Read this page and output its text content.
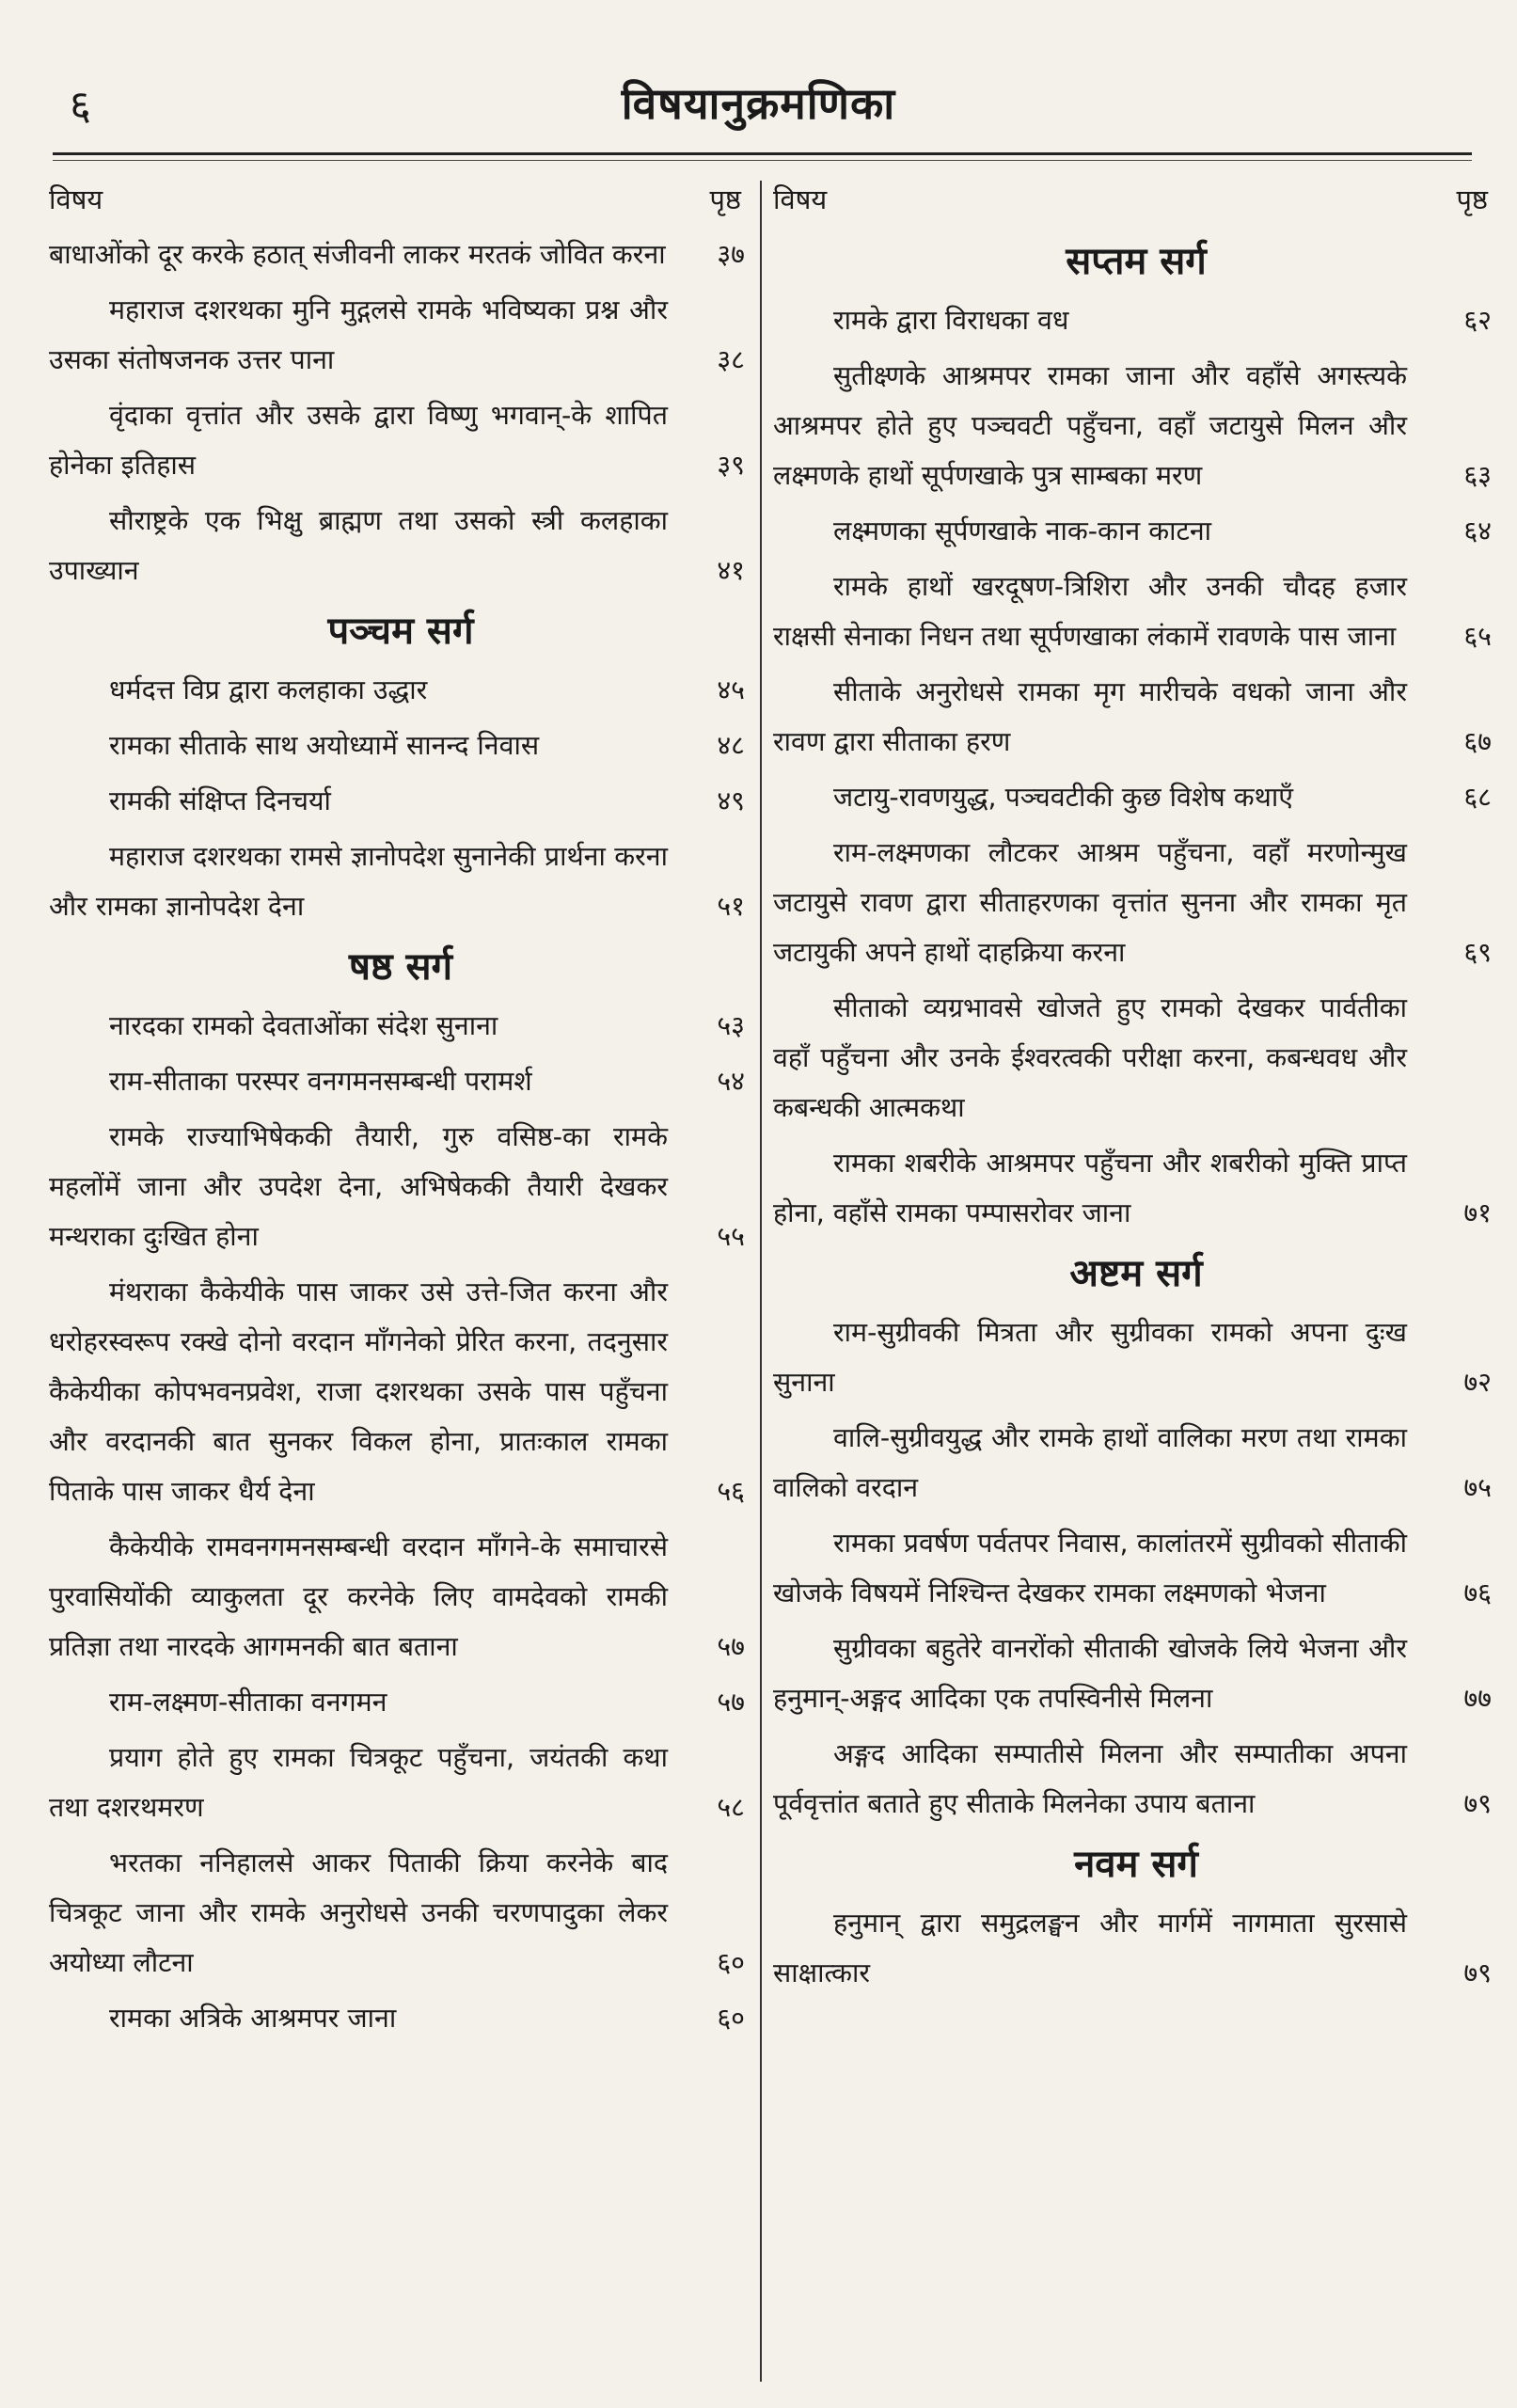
६	विषयानुक्रमणिका
विषय	पृष्ठ
बाधाओंको दूर करके हठात् संजीवनी लाकर मरतकं जोवित करना	३७
महाराज दशरथका मुनि मुद्गलसे रामके भविष्यका प्रश्न और उसका संतोषजनक उत्तर पाना	३८
वृंदाका वृत्तांत और उसके द्वारा विष्णु भगवान्-के शापित होनेका इतिहास	३९
सौराष्ट्रके एक भिक्षु ब्राह्मण तथा उसको स्त्री कलहाका उपाख्यान	४१
पञ्चम सर्ग
धर्मदत्त विप्र द्वारा कलहाका उद्धार	४५
रामका सीताके साथ अयोध्यामें सानन्द निवास	४८
रामकी संक्षिप्त दिनचर्या	४९
महाराज दशरथका रामसे ज्ञानोपदेश सुनानेकी प्रार्थना करना और रामका ज्ञानोपदेश देना	५१
षष्ठ सर्ग
नारदका रामको देवताओंका संदेश सुनाना	५३
राम-सीताका परस्पर वनगमनसम्बन्धी परामर्श	५४
रामके राज्याभिषेककी तैयारी, गुरु वसिष्ठ-का रामके महलोंमें जाना और उपदेश देना, अभिषेककी तैयारी देखकर मन्थराका दुःखित होना	५५
मंथराका कैकेयीके पास जाकर उसे उत्ते-जित करना और धरोहरस्वरूप रक्खे दोनो वरदान माँगनेको प्रेरित करना, तदनुसार कैकेयीका कोपभवनप्रवेश, राजा दशरथका उसके पास पहुँचना और वरदानकी बात सुनकर विकल होना, प्रातःकाल रामका पिताके पास जाकर धैर्य देना	५६
कैकेयीके रामवनगमनसम्बन्धी वरदान माँगने-के समाचारसे पुरवासियोंकी व्याकुलता दूर करनेके लिए वामदेवको रामकी प्रतिज्ञा तथा नारदके आगमनकी बात बताना	५७
राम-लक्ष्मण-सीताका वनगमन	५७
प्रयाग होते हुए रामका चित्रकूट पहुँचना, जयंतकी कथा तथा दशरथमरण	५८
भरतका ननिहालसे आकर पिताकी क्रिया करनेके बाद चित्रकूट जाना और रामके अनुरोधसे उनकी चरणपादुका लेकर अयोध्या लौटना	६०
रामका अत्रिके आश्रमपर जाना	६०
विषय	पृष्ठ
सप्तम सर्ग
रामके द्वारा विराधका वध	६२
सुतीक्ष्णके आश्रमपर रामका जाना और वहाँसे अगस्त्यके आश्रमपर होते हुए पञ्चवटी पहुँचना, वहाँ जटायुसे मिलन और लक्ष्मणके हाथों सूर्पणखाके पुत्र साम्बका मरण	६३
लक्ष्मणका सूर्पणखाके नाक-कान काटना	६४
रामके हाथों खरदूषण-त्रिशिरा और उनकी चौदह हजार राक्षसी सेनाका निधन तथा सूर्पणखाका लंकामें रावणके पास जाना	६५
सीताके अनुरोधसे रामका मृग मारीचके वधको जाना और रावण द्वारा सीताका हरण	६७
जटायु-रावणयुद्ध, पञ्चवटीकी कुछ विशेष कथाएँ	६८
राम-लक्ष्मणका लौटकर आश्रम पहुँचना, वहाँ मरणोन्मुख जटायुसे रावण द्वारा सीताहरणका वृत्तांत सुनना और रामका मृत जटायुकी अपने हाथों दाहक्रिया करना	६९
सीताको व्यग्रभावसे खोजते हुए रामको देखकर पार्वतीका वहाँ पहुँचना और उनके ईश्वरत्वकी परीक्षा करना, कबन्धवध और कबन्धकी आत्मकथा
रामका शबरीके आश्रमपर पहुँचना और शबरीको मुक्ति प्राप्त होना, वहाँसे रामका पम्पासरोवर जाना	७१
अष्टम सर्ग
राम-सुग्रीवकी मित्रता और सुग्रीवका रामको अपना दुःख सुनाना	७२
वालि-सुग्रीवयुद्ध और रामके हाथों वालिका मरण तथा रामका वालिको वरदान	७५
रामका प्रवर्षण पर्वतपर निवास, कालांतरमें सुग्रीवको सीताकी खोजके विषयमें निश्चिन्त देखकर रामका लक्ष्मणको भेजना	७६
सुग्रीवका बहुतेरे वानरोंको सीताकी खोजके लिये भेजना और हनुमान्-अङ्गद आदिका एक तपस्विनीसे मिलना	७७
अङ्गद आदिका सम्पातीसे मिलना और सम्पातीका अपना पूर्ववृत्तांत बताते हुए सीताके मिलनेका उपाय बताना	७९
नवम सर्ग
हनुमान् द्वारा समुद्रलङ्घन और मार्गमें नागमाता सुरसासे साक्षात्कार	७९
